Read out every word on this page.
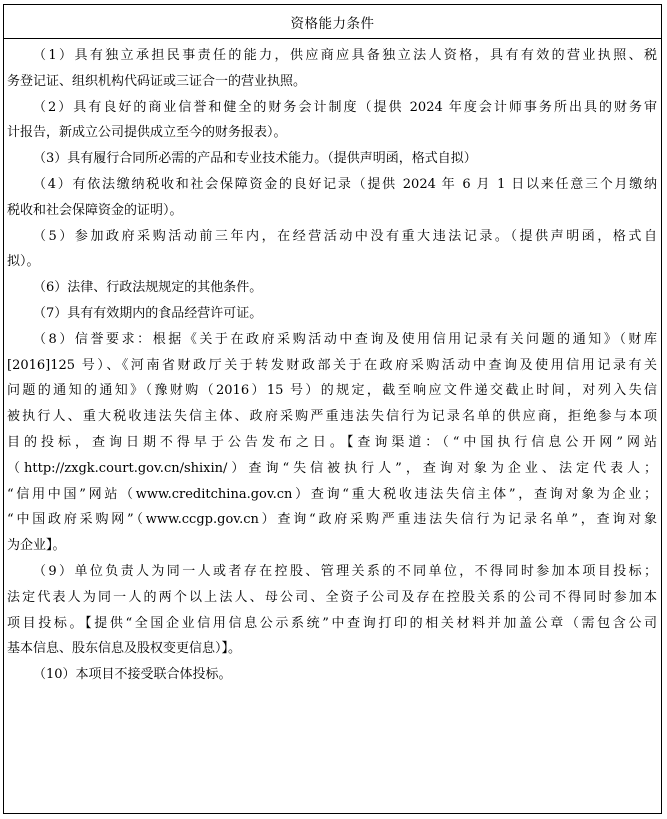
资格能力条件
（1）具有独立承担民事责任的能力，供应商应具备独立法人资格，具有有效的营业执照、税
务登记证、组织机构代码证或三证合一的营业执照。
（2）具有良好的商业信誉和健全的财务会计制度（提供 2024 年度会计师事务所出具的财务审
计报告，新成立公司提供成立至今的财务报表）。
（3）具有履行合同所必需的产品和专业技术能力。（提供声明函，格式自拟）
（4）有依法缴纳税收和社会保障资金的良好记录（提供 2024 年 6 月 1 日以来任意三个月缴纳
税收和社会保障资金的证明）。
（5）参加政府采购活动前三年内，在经营活动中没有重大违法记录。（提供声明函，格式自
拟）。
（6）法律、行政法规规定的其他条件。
（7）具有有效期内的食品经营许可证。
（8）信誉要求：根据《关于在政府采购活动中查询及使用信用记录有关问题的通知》（财库
[2016]125 号）、《河南省财政厅关于转发财政部关于在政府采购活动中查询及使用信用记录有关
问题的通知的通知》（豫财购（2016）15 号）的规定，截至响应文件递交截止时间，对列入失信
被执行人、重大税收违法失信主体、政府采购严重违法失信行为记录名单的供应商，拒绝参与本项
目的投标，查询日期不得早于公告发布之日。【查询渠道：（“中国执行信息公开网”网站
（http://zxgk.court.gov.cn/shixin/）查询“失信被执行人”，查询对象为企业、法定代表人；
“信用中国”网站（www.creditchina.gov.cn）查询“重大税收违法失信主体”，查询对象为企业；
“中国政府采购网”（www.ccgp.gov.cn）查询“政府采购严重违法失信行为记录名单”，查询对象
为企业】。
（9）单位负责人为同一人或者存在控股、管理关系的不同单位，不得同时参加本项目投标；
法定代表人为同一人的两个以上法人、母公司、全资子公司及存在控股关系的公司不得同时参加本
项目投标。【提供“全国企业信用信息公示系统”中查询打印的相关材料并加盖公章（需包含公司
基本信息、股东信息及股权变更信息）】。
（10）本项目不接受联合体投标。
